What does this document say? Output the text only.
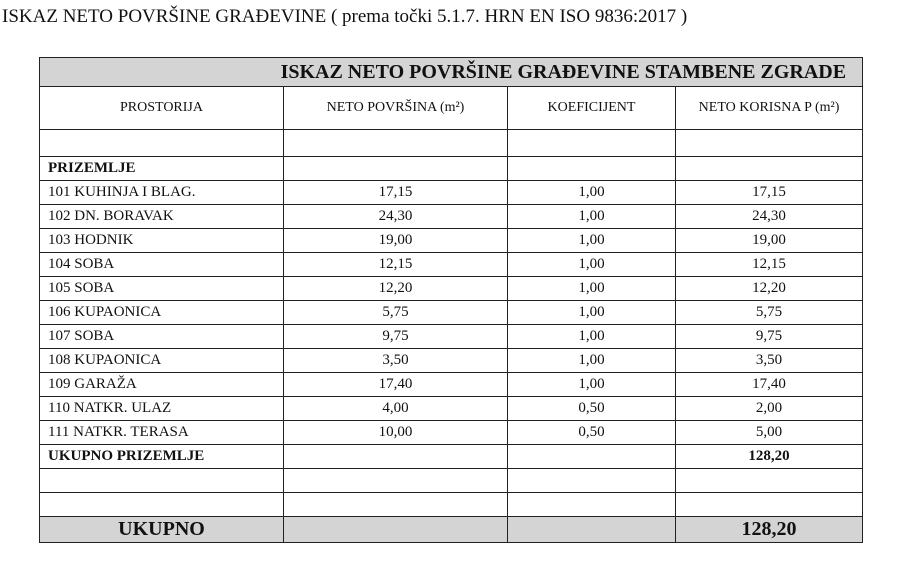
ISKAZ NETO POVRŠINE GRAĐEVINE ( prema točki 5.1.7. HRN EN ISO 9836:2017 )
ISKAZ NETO POVRŠINE GRAĐEVINE STAMBENE ZGRADE			
PROSTORIJA	NETO POVRŠINA (m²)	KOEFICIJENT	NETO KORISNA P (m²)

PRIZEMLJE			
101 KUHINJA I BLAG.	17,15	1,00	17,15
102 DN. BORAVAK	24,30	1,00	24,30
103 HODNIK	19,00	1,00	19,00
104 SOBA	12,15	1,00	12,15
105 SOBA	12,20	1,00	12,20
106 KUPAONICA	5,75	1,00	5,75
107 SOBA	9,75	1,00	9,75
108 KUPAONICA	3,50	1,00	3,50
109 GARAŽA	17,40	1,00	17,40
110 NATKR. ULAZ	4,00	0,50	2,00
111 NATKR. TERASA	10,00	0,50	5,00
UKUPNO PRIZEMLJE			128,20

UKUPNO			128,20
